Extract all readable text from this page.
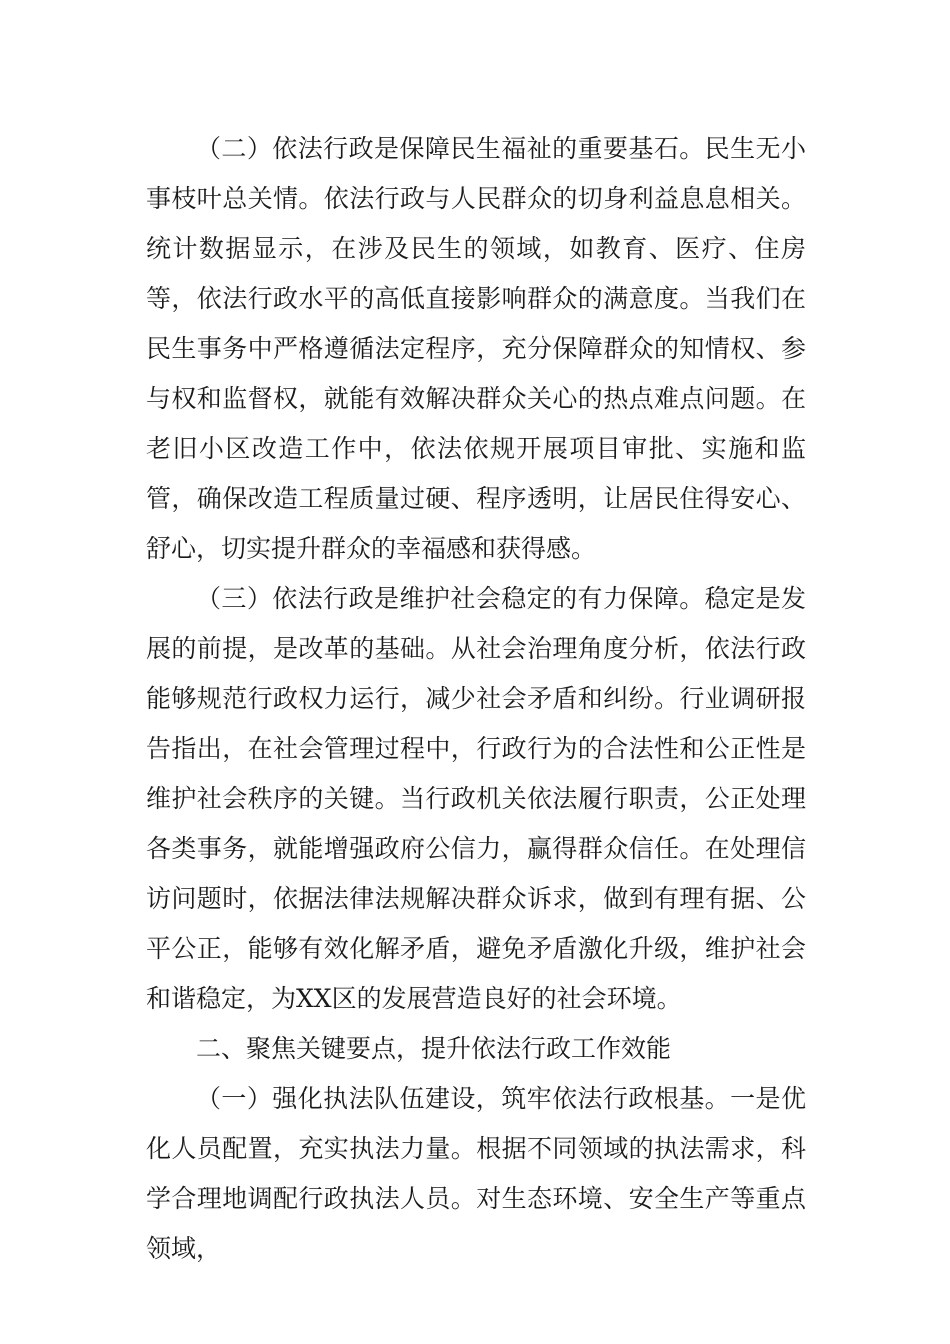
（二）依法行政是保障民生福祉的重要基石。民生无小事枝叶总关情。依法行政与人民群众的切身利益息息相关。统计数据显示，在涉及民生的领域，如教育、医疗、住房等，依法行政水平的高低直接影响群众的满意度。当我们在民生事务中严格遵循法定程序，充分保障群众的知情权、参与权和监督权，就能有效解决群众关心的热点难点问题。在老旧小区改造工作中，依法依规开展项目审批、实施和监管，确保改造工程质量过硬、程序透明，让居民住得安心、舒心，切实提升群众的幸福感和获得感。

（三）依法行政是维护社会稳定的有力保障。稳定是发展的前提，是改革的基础。从社会治理角度分析，依法行政能够规范行政权力运行，减少社会矛盾和纠纷。行业调研报告指出，在社会管理过程中，行政行为的合法性和公正性是维护社会秩序的关键。当行政机关依法履行职责，公正处理各类事务，就能增强政府公信力，赢得群众信任。在处理信访问题时，依据法律法规解决群众诉求，做到有理有据、公平公正，能够有效化解矛盾，避免矛盾激化升级，维护社会和谐稳定，为XX区的发展营造良好的社会环境。

二、聚焦关键要点，提升依法行政工作效能

（一）强化执法队伍建设，筑牢依法行政根基。一是优化人员配置，充实执法力量。根据不同领域的执法需求，科学合理地调配行政执法人员。对生态环境、安全生产等重点领域，
